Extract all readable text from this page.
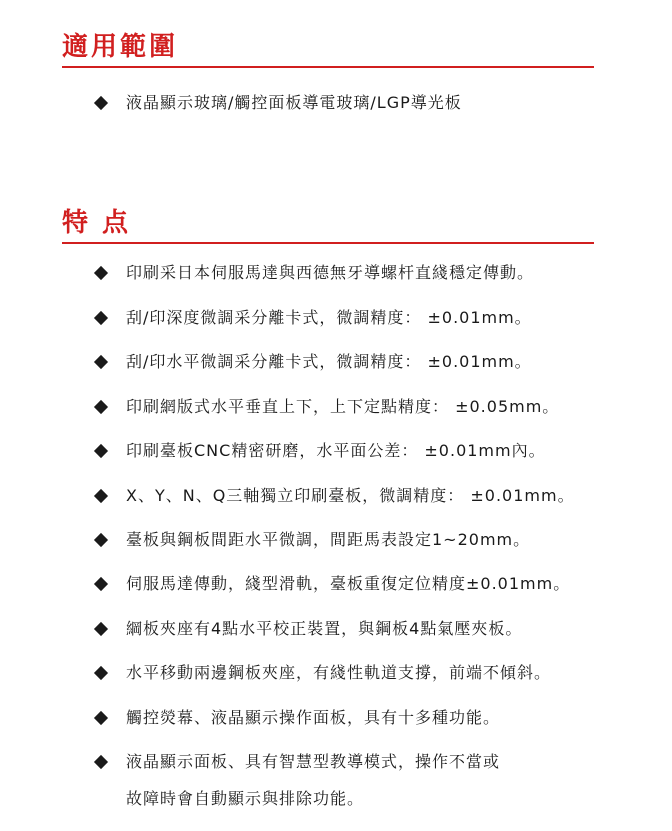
適用範圍
液晶顯示玻璃/觸控面板導電玻璃/LGP導光板
特点
印刷采日本伺服馬達與西德無牙導螺杆直綫穩定傳動。
刮/印深度微調采分離卡式，微調精度： ±0.01mm。
刮/印水平微調采分離卡式，微調精度： ±0.01mm。
印刷網版式水平垂直上下，上下定點精度： ±0.05mm。
印刷臺板CNC精密研磨，水平面公差： ±0.01mm內。
X、Y、N、Q三軸獨立印刷臺板，微調精度： ±0.01mm。
臺板與鋼板間距水平微調，間距馬表設定1~20mm。
伺服馬達傳動，綫型滑軌，臺板重復定位精度±0.01mm。
綱板夾座有4點水平校正裝置，與鋼板4點氣壓夾板。
水平移動兩邊鋼板夾座，有綫性軌道支撐，前端不傾斜。
觸控熒幕、液晶顯示操作面板，具有十多種功能。
液晶顯示面板、具有智慧型教導模式，操作不當或
故障時會自動顯示與排除功能。
